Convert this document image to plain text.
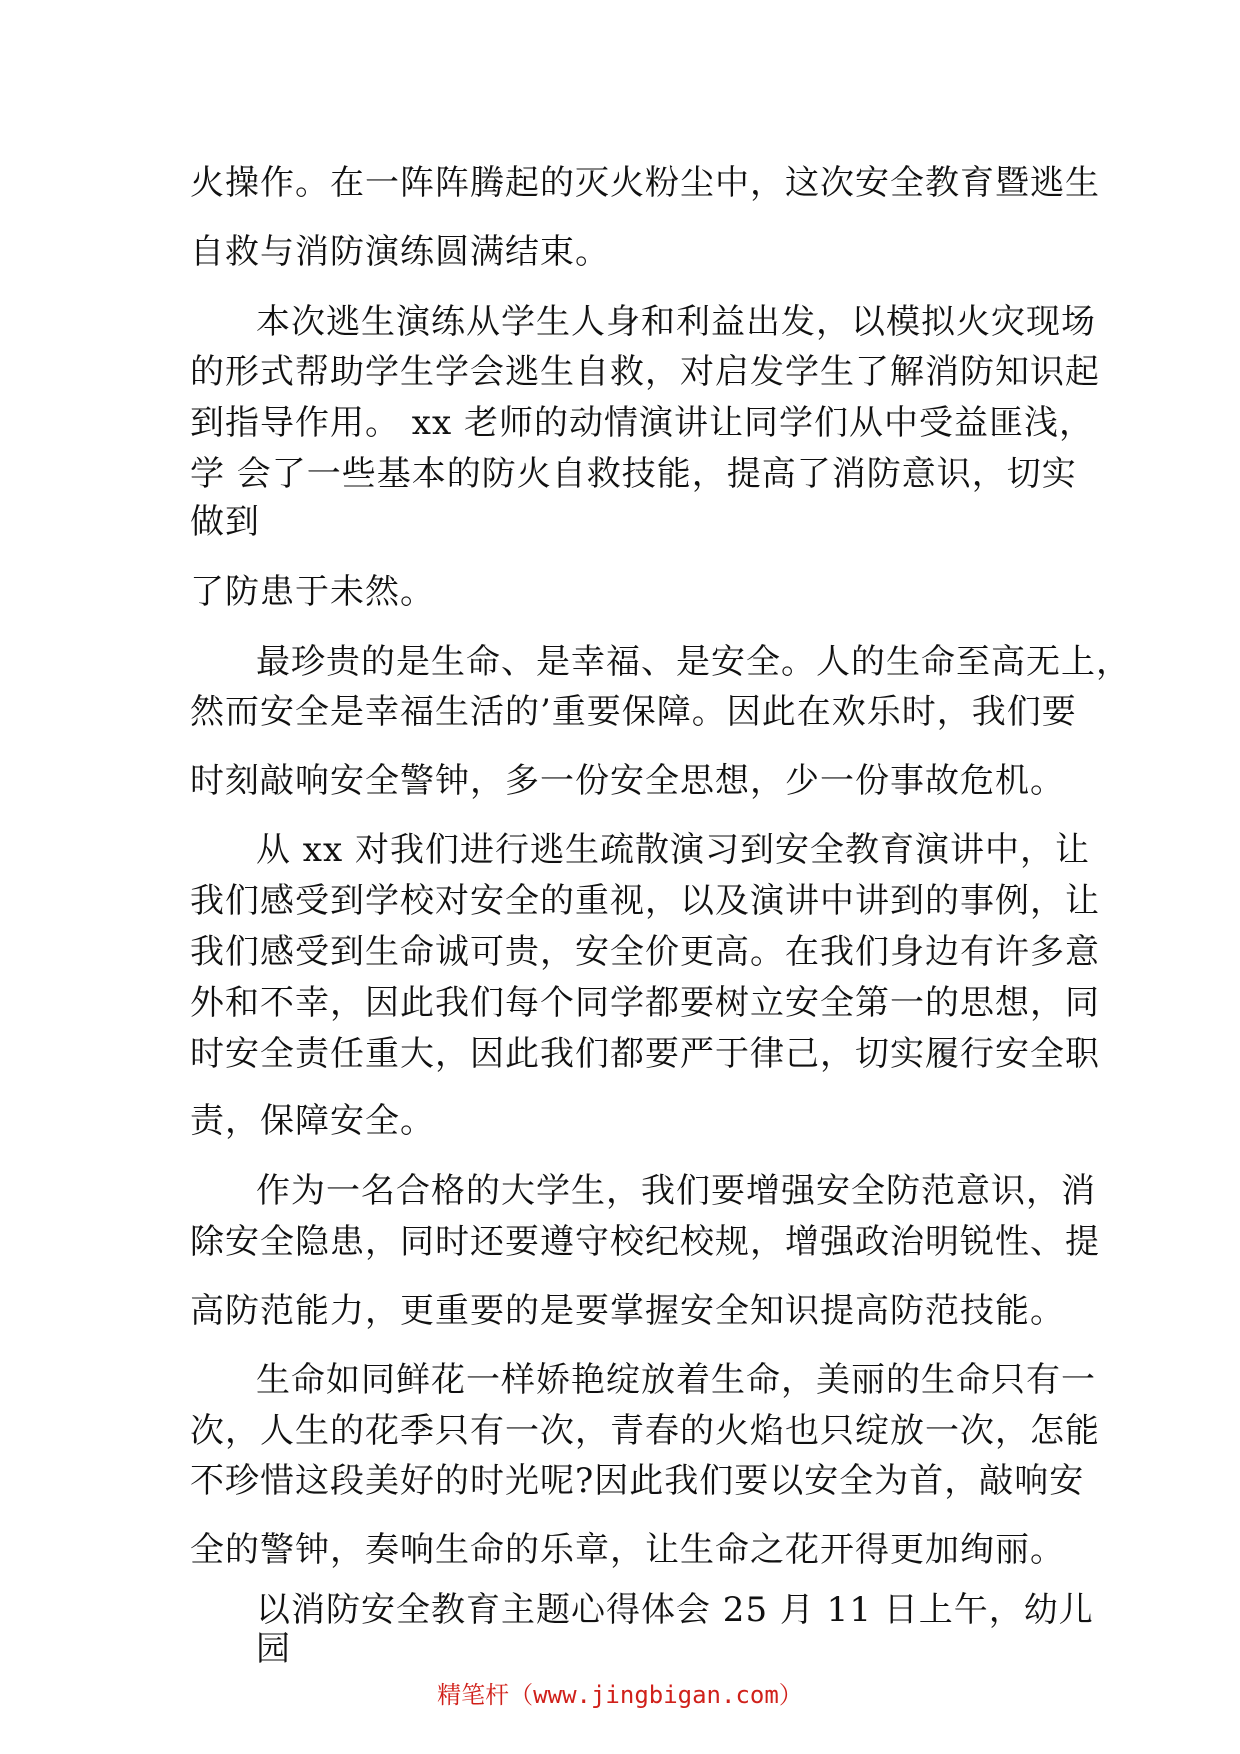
火操作。在一阵阵腾起的灭火粉尘中，这次安全教育暨逃生
自救与消防演练圆满结束。
本次逃生演练从学生人身和利益出发，以模拟火灾现场
的形式帮助学生学会逃生自救，对启发学生了解消防知识起
到指导作用。 xx 老师的动情演讲让同学们从中受益匪浅，
学 会了一些基本的防火自救技能，提高了消防意识，切实
做到
了防患于未然。
最珍贵的是生命、是幸福、是安全。人的生命至高无上，
然而安全是幸福生活的’重要保障。因此在欢乐时，我们要
时刻敲响安全警钟，多一份安全思想，少一份事故危机。
从 xx 对我们进行逃生疏散演习到安全教育演讲中，让
我们感受到学校对安全的重视，以及演讲中讲到的事例，让
我们感受到生命诚可贵，安全价更高。在我们身边有许多意
外和不幸，因此我们每个同学都要树立安全第一的思想，同
时安全责任重大，因此我们都要严于律己，切实履行安全职
责，保障安全。
作为一名合格的大学生，我们要增强安全防范意识，消
除安全隐患，同时还要遵守校纪校规，增强政治明锐性、提
高防范能力，更重要的是要掌握安全知识提高防范技能。
生命如同鲜花一样娇艳绽放着生命，美丽的生命只有一
次，人生的花季只有一次，青春的火焰也只绽放一次，怎能
不珍惜这段美好的时光呢?因此我们要以安全为首，敲响安
全的警钟，奏响生命的乐章，让生命之花开得更加绚丽。
以消防安全教育主题心得体会 25 月 11 日上午，幼儿
园
精笔杆（www.jingbigan.com）
